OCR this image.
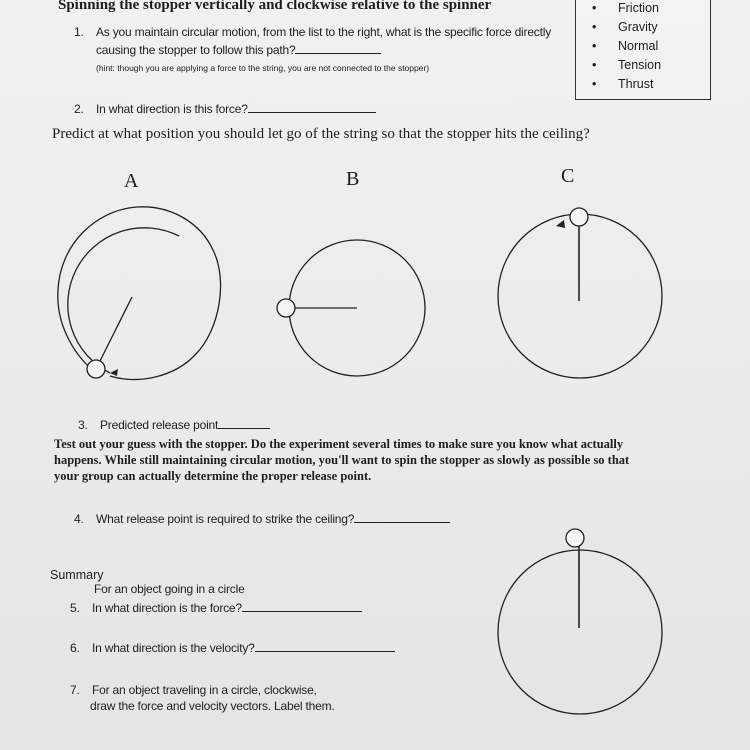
Spinning the stopper vertically and clockwise relative to the spinner	• Friction
• Gravity
• Normal
• Tension
• Thrust
1. As you maintain circular motion, from the list to the right, what is the specific force directly
causing the stopper to follow this path?
(hint: though you are applying a force to the string, you are not connected to the stopper)
2. In what direction is this force?
Predict at what position you should let go of the string so that the stopper hits the ceiling?
A	B	C
3. Predicted release point
Test out your guess with the stopper. Do the experiment several times to make sure you know what actually
happens. While still maintaining circular motion, you'll want to spin the stopper as slowly as possible so that
your group can actually determine the proper release point.
4. What release point is required to strike the ceiling?
Summary
For an object going in a circle
5. In what direction is the force?
6. In what direction is the velocity?
7. For an object traveling in a circle, clockwise,
draw the force and velocity vectors. Label them.
